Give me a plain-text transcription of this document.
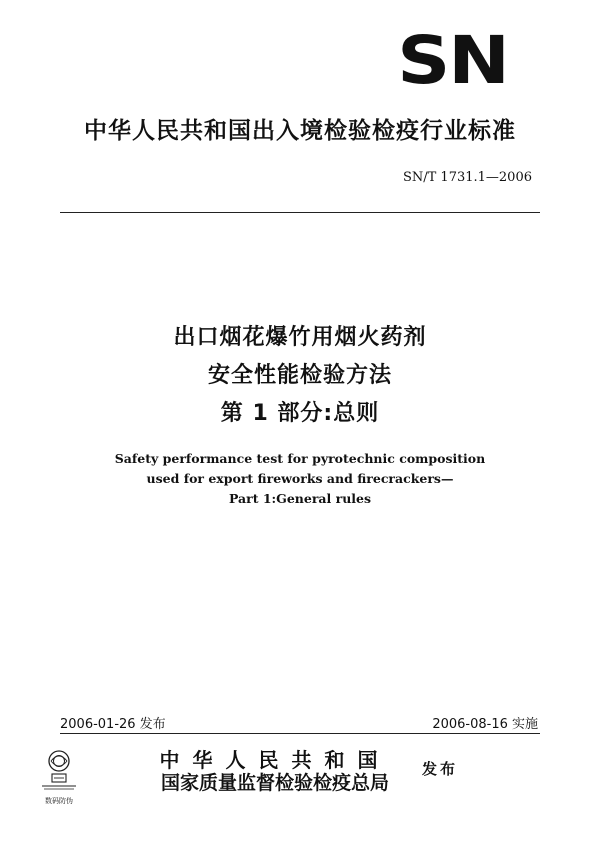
SN
中华人民共和国出入境检验检疫行业标准
SN/T 1731.1—2006
出口烟花爆竹用烟火药剂
安全性能检验方法
第 1 部分:总则
Safety performance test for pyrotechnic composition
used for export fireworks and firecrackers—
Part 1:General rules
2006-01-26 发布	2006-08-16 实施
数码防伪
中华人民共和国
国家质量监督检验检疫总局
发布
